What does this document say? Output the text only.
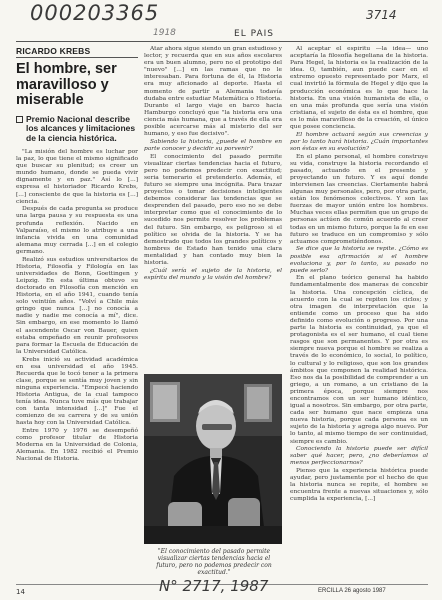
000203365	3714
1918	EL PAIS
RICARDO KREBS
El hombre, ser maravilloso y miserable
Premio Nacional describe los alcances y limitaciones de la ciencia histórica.

"La misión del hombre es luchar por la paz, lo que tiene el mismo significado que buscar su plenitud; es creer un mundo humano, donde se pueda vivir dignamente y en paz." Así lo [...] expresa el historiador Ricardo Krebs, [...] consciente de que la historia es [...] ciencia.

Después de cada pregunta se produce una larga pausa y su respuesta es una profunda reflexión. Nacido en Valparaíso, el mismo lo atribuye a una infancia vivida en una comunidad alemana muy cerrada [...] en el colegio germano.

Realizó sus estudios universitarios de Historia, Filosofía y Filología en las universidades de Bonn, Goettingen y Leipzig. En esta última obtuvo su doctorado en Filosofía con mención en Historia, en el año 1941, cuando tenía solo veintiún años. "Volví a Chile más gringo que nunca [...] no conocía a nadie y nadie me conocía a mí", dice. Sin embargo, en ese momento lo llamó el ascendente Oscar von Bauer, quien estaba empeñado en reunir profesores para formar la Escuela de Educación de la Universidad Católica.

Krebs inició su actividad académica en esa universidad el año 1945. Recuerda que le tocó tener a la primera clase, porque se sentía muy joven y sin ninguna experiencia. "Empecé haciendo Historia Antigua, de la cual tampoco tenía idea. Nunca tuve más que trabajar con tanta intensidad [...]" Fue el comienzo de su carrera y de su unión hasta hoy con la Universidad Católica.

Entre 1970 y 1976 se desempeñó como profesor titular de Historia Moderna en la Universidad de Colonia, Alemania. En 1982 recibió el Premio Nacional de Historia.

Atar ahora sigue siendo un gran estudioso y lector, y recuerda que en sus años escolares era un buen alumno, pero no el prototipo del "nuevo" [...] en las ramas que no le interesaban. Para fortuna de él, la Historia era muy aficionado al deporte. Hasta el momento de partir a Alemania todavía dudaba entre estudiar Matemática o Historia. Durante el largo viaje en barco hacia Hamburgo concluyó que "la historia era una ciencia más humana, que a través de ella era posible acercarse más al misterio del ser humano, y eso fue decisivo".

Sabiendo la historia, ¿puede el hombre en parte conocer y decidir su porvenir?

El conocimiento del pasado permite visualizar ciertas tendencias hacia el futuro, pero no podemos predecir con exactitud; seria temerario el pretenderlo. Además, el futuro se siempre una incógnita. Para trazar proyectos o tomar decisiones inteligentes debemos considerar las tendencias que se desprenden del pasado, pero eso no se debe interpretar como que el conocimiento de lo sucedido nos permite resolver los problemas del futuro. Sin embargo, es peligroso si el político se olvida de la historia. Y se ha demostrado que todos los grandes políticos y hombres de Estado han tenido una clara mentalidad y han contado muy bien la historia.

¿Cuál sería el sujeto de la historia, el espíritu del mundo y la visión del hombre?

"El conocimiento del pasado permite visualizar ciertas tendencias hacia el futuro, pero no podemos predecir con exactitud."

Al aceptar el espíritu —la idea— uno aceptaría la filosofía hegeliana de la historia. Para Hegel, la historia es la realización de la idea. O, también, aun puede caer en el extremo opuesto representado por Marx, el cual invirtió la fórmula de Hegel y dijo que la producción económica es lo que hace la historia. En una visión humanista de ella, o en una más profunda que sería una visión cristiana, el sujeto de ésta es el hombre, que es lo más maravilloso de la creación, el único que posee conciencia.

El hombre actuará según sus creencias y por lo tanto hará historia. ¿Cuán importantes son éstas en su evolución?

En el plano personal, el hombre construye su vida, construye la historia recordando el pasado, actuando en el presente y proyectando un futuro. Y es aquí donde intervienen las creencias. Ciertamente habrá algunas muy personales, pero, por otra parte, están los fenómenos colectivos. Y son las fuerzas de mayor unión entre los hombres. Muchas veces ellas permiten que un grupo de personas actúen de común acuerdo al creer todas en un mismo futuro, porque la fe en ese futuro se traduce en un compromiso y sólo actuamos comprometiéndonos.

Se dice que la historia se repite. ¿Cómo es posible esa afirmación si el hombre evoluciona y, por lo tanto, su pasado no puede serlo?

En el plano teórico general ha habido fundamentalmente dos maneras de concebir la historia. Una concepción cíclica, de acuerdo con la cual se repiten los ciclos; y otra imagen de interpretación que la entiende como un proceso que ha sido definido como evolución o progreso. Por una parte la historia es continuidad, ya que el protagonista es el ser humano, el cual tiene rasgos que son permanentes. Y por otra es siempre nueva porque el hombre se realiza a través de lo económico, lo social, lo político, lo cultural y lo religioso, que son los grandes ámbitos que componen la realidad histórica. Eso nos da la posibilidad de comprender a un griego, a un romano, a un cristiano de la primera época, porque siempre nos encontramos con un ser humano idéntico, igual a nosotros. Sin embargo, por otra parte, cada ser humano que nace empieza una nueva historia, porque cada persona es un sujeto de la historia y agrega algo nuevo. Por lo tanto, al mismo tiempo de ser continuidad, siempre es cambio.

Conociendo la historia puede ser difícil saber qué hacer, pero, ¿no deberíamos al menos perfeccionarnos?

Pienso que la experiencia histórica puede ayudar, pero justamente por el hecho de que la historia nunca se repite, el hombre se encuentra frente a nuevas situaciones y, sólo cumplida la experiencia, [...]

14	N° 2717, 1987	ERCILLA 26 agosto 1987
